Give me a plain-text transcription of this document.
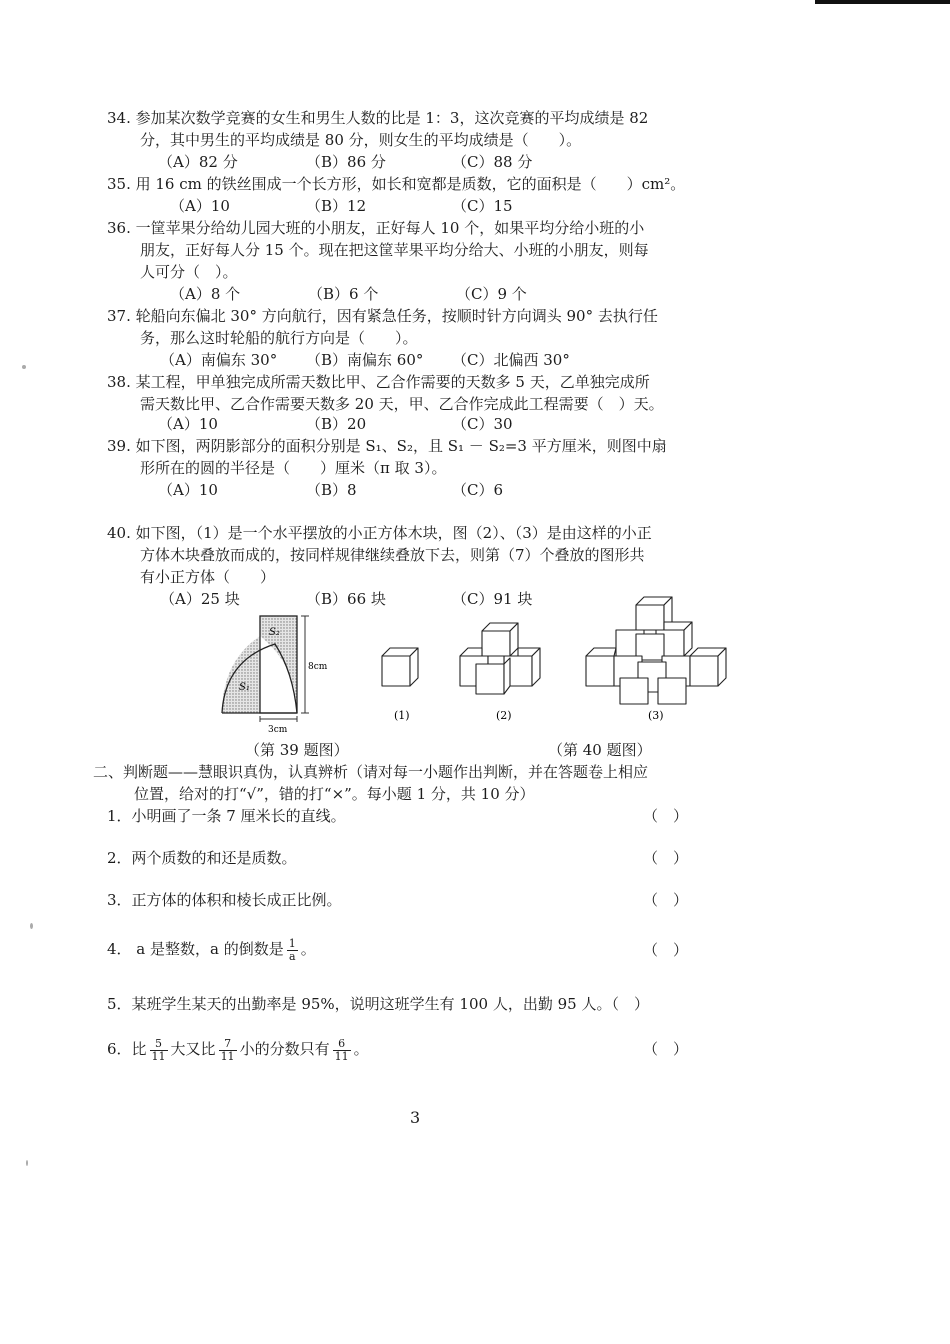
34. 参加某次数学竞赛的女生和男生人数的比是 1：3，这次竞赛的平均成绩是 82
分，其中男生的平均成绩是 80 分，则女生的平均成绩是（　　）。
（A）82 分	（B）86 分	（C）88 分
35. 用 16 cm 的铁丝围成一个长方形，如长和宽都是质数，它的面积是（　　）cm²。
（A）10	（B）12	（C）15
36. 一筐苹果分给幼儿园大班的小朋友，正好每人 10 个，如果平均分给小班的小
朋友，正好每人分 15 个。现在把这筐苹果平均分给大、小班的小朋友，则每
人可分（　）。
（A）8 个	（B）6 个	（C）9 个
37. 轮船向东偏北 30° 方向航行，因有紧急任务，按顺时针方向调头 90° 去执行任
务，那么这时轮船的航行方向是（　　）。
（A）南偏东 30° （B）南偏东 60° （C）北偏西 30°
38. 某工程，甲单独完成所需天数比甲、乙合作需要的天数多 5 天，乙单独完成所
需天数比甲、乙合作需要天数多 20 天，甲、乙合作完成此工程需要（　）天。
（A）10	（B）20	（C）30
39. 如下图，两阴影部分的面积分别是 S₁、S₂，且 S₁ － S₂=3 平方厘米，则图中扇
形所在的圆的半径是（　　）厘米（π 取 3）。
（A）10	（B）8	（C）6
40. 如下图，（1）是一个水平摆放的小正方体木块，图（2）、（3）是由这样的小正
方体木块叠放而成的，按同样规律继续叠放下去，则第（7）个叠放的图形共
有小正方体（　　）
（A）25 块	（B）66 块	（C）91 块
S₂
S₁
8cm
3cm
(1)	(2)	(3)
（第 39 题图）	（第 40 题图）
二、判断题——慧眼识真伪，认真辨析（请对每一小题作出判断，并在答题卷上相应
位置，给对的打“√”，错的打“×”。每小题 1 分，共 10 分）
1．小明画了一条 7 厘米长的直线。	（　）
2．两个质数的和还是质数。	（　）
3．正方体的体积和棱长成正比例。	（　）
4． a 是整数，a 的倒数是 $\frac{1}{a}$ 。	（　）
5．某班学生某天的出勤率是 95%，说明这班学生有 100 人，出勤 95 人。（　）
6．比 $\frac{5}{11}$ 大又比 $\frac{7}{11}$ 小的分数只有 $\frac{6}{11}$ 。	（　）
3
